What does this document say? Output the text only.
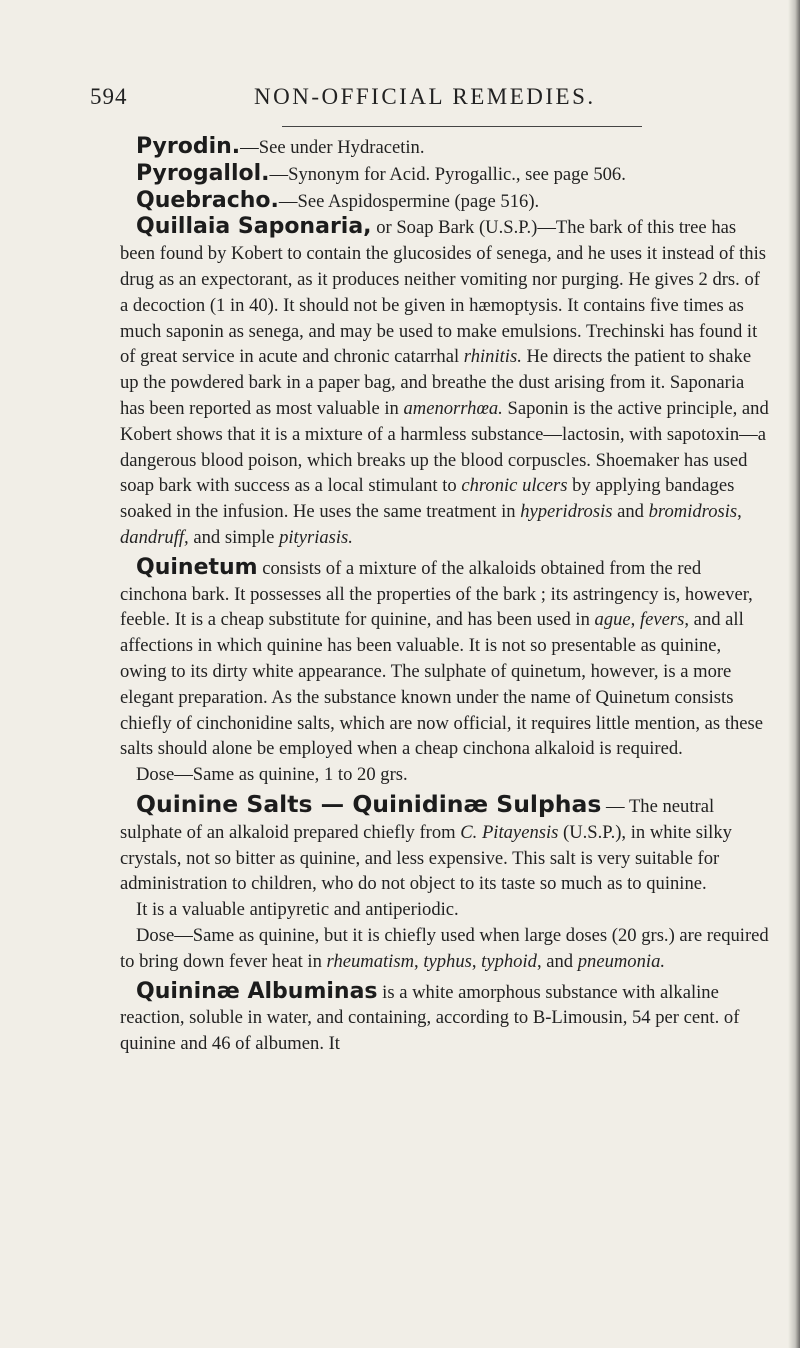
594	NON-OFFICIAL REMEDIES.

Pyrodin.—See under Hydracetin.

Pyrogallol.—Synonym for Acid. Pyrogallic., see page 506.

Quebracho.—See Aspidospermine (page 516).

Quillaia Saponaria, or Soap Bark (U.S.P.)—The bark of this tree has been found by Kobert to contain the glucosides of senega, and he uses it instead of this drug as an expectorant, as it produces neither vomiting nor purging. He gives 2 drs. of a decoction (1 in 40). It should not be given in hæmoptysis. It contains five times as much saponin as senega, and may be used to make emulsions. Trechinski has found it of great service in acute and chronic catarrhal rhinitis. He directs the patient to shake up the powdered bark in a paper bag, and breathe the dust arising from it. Saponaria has been reported as most valuable in amenorrhœa. Saponin is the active principle, and Kobert shows that it is a mixture of a harmless substance—lactosin, with sapotoxin—a dangerous blood poison, which breaks up the blood corpuscles. Shoemaker has used soap bark with success as a local stimulant to chronic ulcers by applying bandages soaked in the infusion. He uses the same treatment in hyperidrosis and bromidrosis, dandruff, and simple pityriasis.

Quinetum consists of a mixture of the alkaloids obtained from the red cinchona bark. It possesses all the properties of the bark ; its astringency is, however, feeble. It is a cheap substitute for quinine, and has been used in ague, fevers, and all affections in which quinine has been valuable. It is not so presentable as quinine, owing to its dirty white appearance. The sulphate of quinetum, however, is a more elegant preparation. As the substance known under the name of Quinetum consists chiefly of cinchonidine salts, which are now official, it requires little mention, as these salts should alone be employed when a cheap cinchona alkaloid is required.

Dose—Same as quinine, 1 to 20 grs.

Quinine Salts — Quinidinæ Sulphas — The neutral sulphate of an alkaloid prepared chiefly from C. Pitayensis (U.S.P.), in white silky crystals, not so bitter as quinine, and less expensive. This salt is very suitable for administration to children, who do not object to its taste so much as to quinine.

It is a valuable antipyretic and antiperiodic.

Dose—Same as quinine, but it is chiefly used when large doses (20 grs.) are required to bring down fever heat in rheumatism, typhus, typhoid, and pneumonia.

Quininæ Albuminas is a white amorphous substance with alkaline reaction, soluble in water, and containing, according to B-Limousin, 54 per cent. of quinine and 46 of albumen. It
